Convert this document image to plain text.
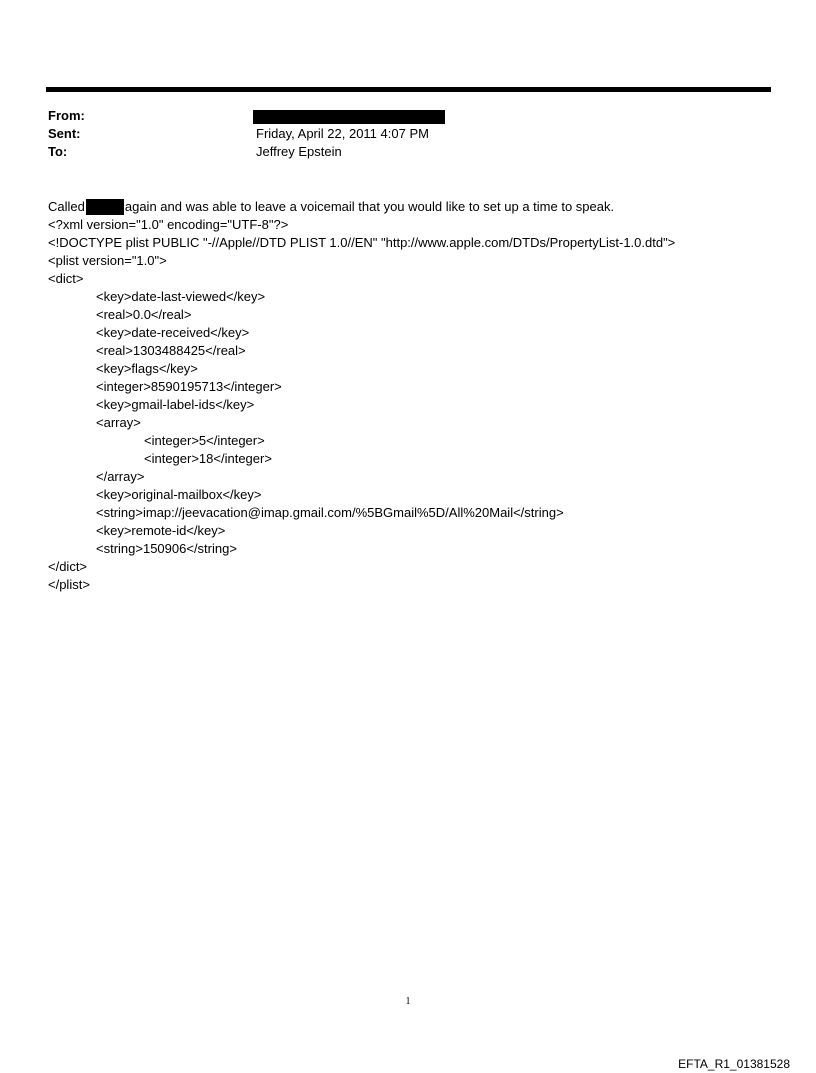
From:
Sent:	Friday, April 22, 2011 4:07 PM
To:	Jeffrey Epstein
Called	again and was able to leave a voicemail that you would like to set up a time to speak.
<?xml version="1.0" encoding="UTF-8"?>
<!DOCTYPE plist PUBLIC "-//Apple//DTD PLIST 1.0//EN" "http://www.apple.com/DTDs/PropertyList-1.0.dtd">
<plist version="1.0">
<dict>
<key>date-last-viewed</key>
<real>0.0</real>
<key>date-received</key>
<real>1303488425</real>
<key>flags</key>
<integer>8590195713</integer>
<key>gmail-label-ids</key>
<array>
<integer>5</integer>
<integer>18</integer>
</array>
<key>original-mailbox</key>
<string>imap://jeevacation@imap.gmail.com/%5BGmail%5D/All%20Mail</string>
<key>remote-id</key>
<string>150906</string>
</dict>
</plist>
1
EFTA_R1_01381528
